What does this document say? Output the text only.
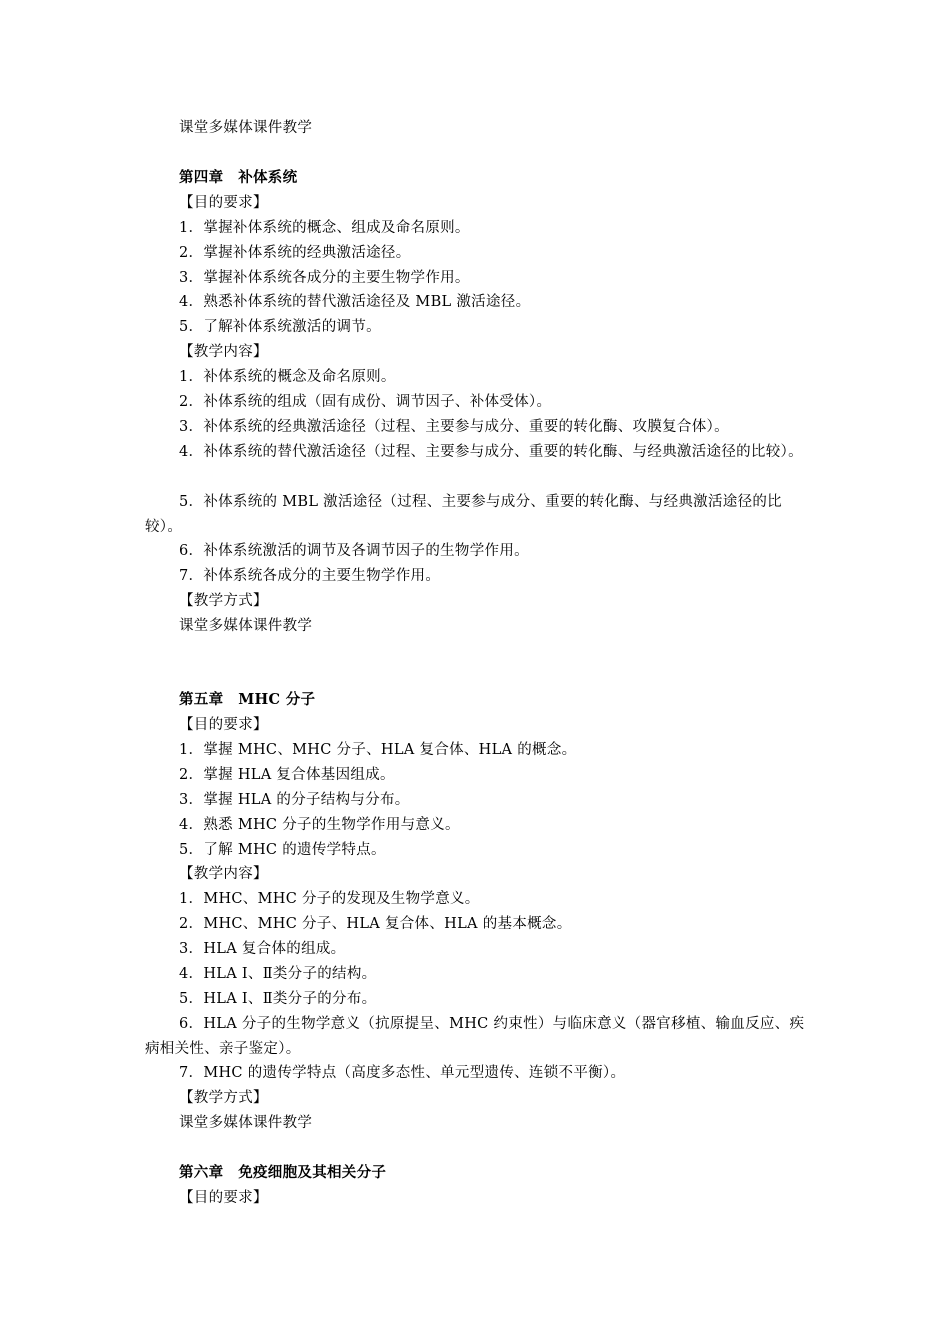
课堂多媒体课件教学
第四章　补体系统
【目的要求】
1．掌握补体系统的概念、组成及命名原则。
2．掌握补体系统的经典激活途径。
3．掌握补体系统各成分的主要生物学作用。
4．熟悉补体系统的替代激活途径及 MBL 激活途径。
5．了解补体系统激活的调节。
【教学内容】
1．补体系统的概念及命名原则。
2．补体系统的组成（固有成份、调节因子、补体受体）。
3．补体系统的经典激活途径（过程、主要参与成分、重要的转化酶、攻膜复合体）。
4．补体系统的替代激活途径（过程、主要参与成分、重要的转化酶、与经典激活途径的比较）。
5．补体系统的 MBL 激活途径（过程、主要参与成分、重要的转化酶、与经典激活途径的比较）。
6．补体系统激活的调节及各调节因子的生物学作用。
7．补体系统各成分的主要生物学作用。
【教学方式】
课堂多媒体课件教学
第五章　MHC 分子
【目的要求】
1．掌握 MHC、MHC 分子、HLA 复合体、HLA 的概念。
2．掌握 HLA 复合体基因组成。
3．掌握 HLA 的分子结构与分布。
4．熟悉 MHC 分子的生物学作用与意义。
5．了解 MHC 的遗传学特点。
【教学内容】
1．MHC、MHC 分子的发现及生物学意义。
2．MHC、MHC 分子、HLA 复合体、HLA 的基本概念。
3．HLA 复合体的组成。
4．HLA Ⅰ、Ⅱ类分子的结构。
5．HLA Ⅰ、Ⅱ类分子的分布。
6．HLA 分子的生物学意义（抗原提呈、MHC 约束性）与临床意义（器官移植、输血反应、疾病相关性、亲子鉴定）。
7．MHC 的遗传学特点（高度多态性、单元型遗传、连锁不平衡）。
【教学方式】
课堂多媒体课件教学
第六章　免疫细胞及其相关分子
【目的要求】
